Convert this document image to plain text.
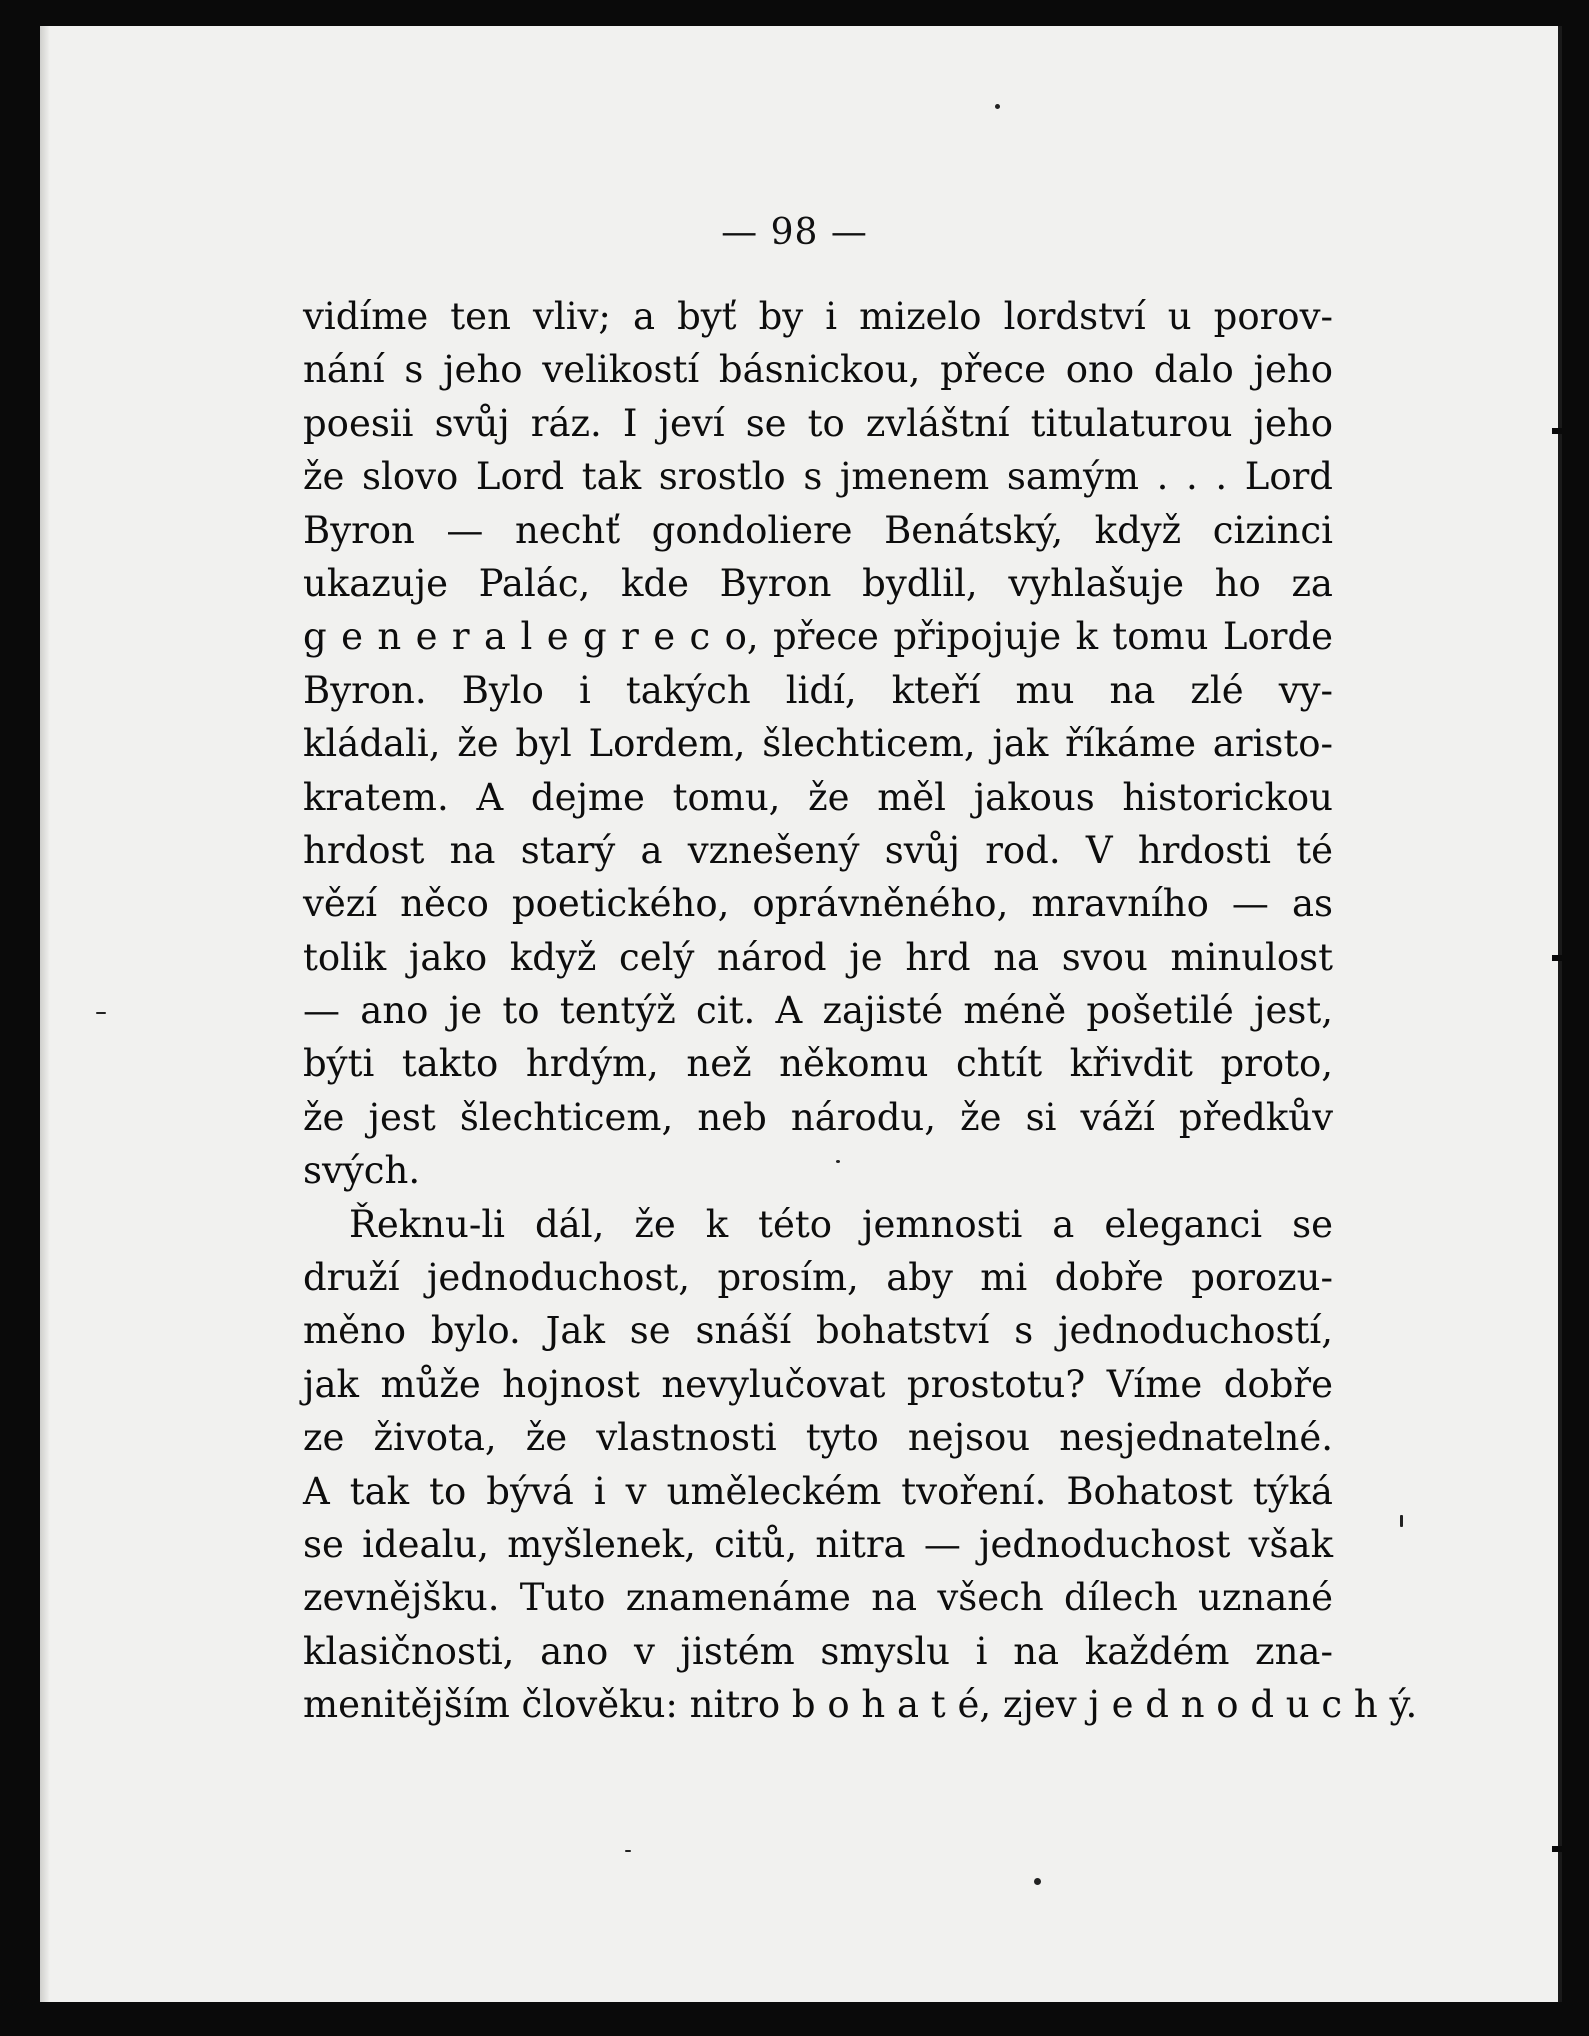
— 98 —
vidíme ten vliv; a byť by i mizelo lordství u porov-
nání s jeho velikostí básnickou, přece ono dalo jeho
poesii svůj ráz. I jeví se to zvláštní titulaturou jeho
že slovo Lord tak srostlo s jmenem samým . . . Lord
Byron — nechť gondoliere Benátský, když cizinci
ukazuje Palác, kde Byron bydlil, vyhlašuje ho za
g e n e r a l e g r e c o, přece připojuje k tomu Lorde
Byron. Bylo i takých lidí, kteří mu na zlé vy-
kládali, že byl Lordem, šlechticem, jak říkáme aristo-
kratem. A dejme tomu, že měl jakous historickou
hrdost na starý a vznešený svůj rod. V hrdosti té
vězí něco poetického, oprávněného, mravního — as
tolik jako když celý národ je hrd na svou minulost
— ano je to tentýž cit. A zajisté méně pošetilé jest,
býti takto hrdým, než někomu chtít křivdit proto,
že jest šlechticem, neb národu, že si váží předkův
svých.
Řeknu-li dál, že k této jemnosti a eleganci se
druží jednoduchost, prosím, aby mi dobře porozu-
měno bylo. Jak se snáší bohatství s jednoduchostí,
jak může hojnost nevylučovat prostotu? Víme dobře
ze života, že vlastnosti tyto nejsou nesjednatelné.
A tak to bývá i v uměleckém tvoření. Bohatost týká
se idealu, myšlenek, citů, nitra — jednoduchost však
zevnějšku. Tuto znamenáme na všech dílech uznané
klasičnosti, ano v jistém smyslu i na každém zna-
menitějším člověku: nitro b o h a t é, zjev j e d n o d u c h ý.
